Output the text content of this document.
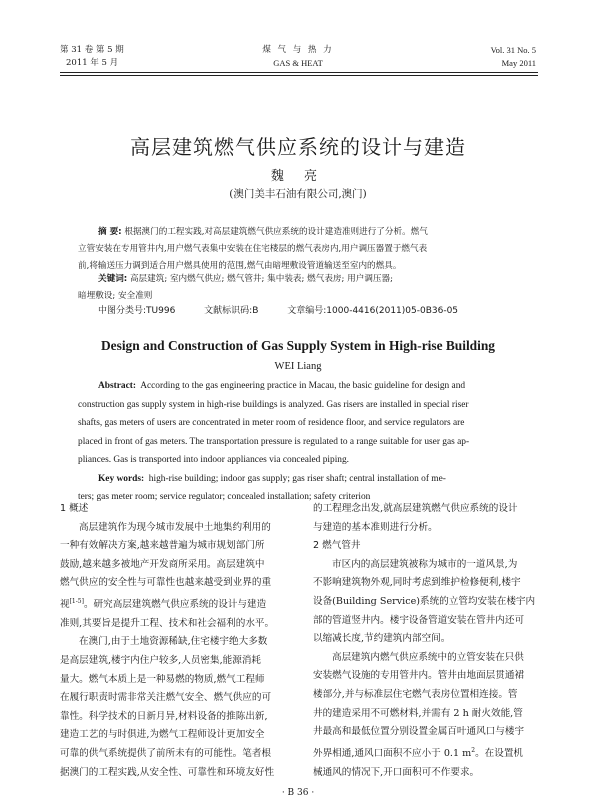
第 31 卷 第 5 期
2011 年 5 月
煤 气 与 热 力
GAS & HEAT
Vol. 31 No. 5
May 2011
高层建筑燃气供应系统的设计与建造
魏 亮
(澳门美丰石油有限公司,澳门)
摘 要: 根据澳门的工程实践,对高层建筑燃气供应系统的设计建造准则进行了分析。燃气
立管安装在专用管井内,用户燃气表集中安装在住宅楼层的燃气表房内,用户调压器置于燃气表
前,将输送压力调到适合用户燃具使用的范围,燃气由暗埋敷设管道输送至室内的燃具。
关键词: 高层建筑; 室内燃气供应; 燃气管井; 集中装表; 燃气表房; 用户调压器;
暗埋敷设; 安全准则
中图分类号:TU996	文献标识码:B	文章编号:1000-4416(2011)05-0B36-05
Design and Construction of Gas Supply System in High-rise Building
WEI Liang
Abstract: According to the gas engineering practice in Macau, the basic guideline for design and
construction gas supply system in high-rise buildings is analyzed. Gas risers are installed in special riser
shafts, gas meters of users are concentrated in meter room of residence floor, and service regulators are
placed in front of gas meters. The transportation pressure is regulated to a range suitable for user gas ap-
pliances. Gas is transported into indoor appliances via concealed piping.
Key words: high-rise building; indoor gas supply; gas riser shaft; central installation of me-
ters; gas meter room; service regulator; concealed installation; safety criterion
1 概述
高层建筑作为现今城市发展中土地集约利用的
一种有效解决方案,越来越普遍为城市规划部门所
鼓励,越来越多被地产开发商所采用。高层建筑中
燃气供应的安全性与可靠性也越来越受到业界的重
视[1-5]。研究高层建筑燃气供应系统的设计与建造
准则,其要旨是提升工程、技术和社会福利的水平。
在澳门,由于土地资源稀缺,住宅楼宇绝大多数
是高层建筑,楼宇内住户较多,人员密集,能源消耗
量大。燃气本质上是一种易燃的物质,燃气工程师
在履行职责时需非常关注燃气安全、燃气供应的可
靠性。科学技术的日新月异,材料设备的推陈出新,
建造工艺的与时俱进,为燃气工程师设计更加安全
可靠的供气系统提供了前所未有的可能性。笔者根
据澳门的工程实践,从安全性、可靠性和环境友好性
的工程理念出发,就高层建筑燃气供应系统的设计
与建造的基本准则进行分析。
2 燃气管井
市区内的高层建筑被称为城市的一道风景,为
不影响建筑物外观,同时考虑到维护检修便利,楼宇
设备(Building Service)系统的立管均安装在楼宇内
部的管道竖井内。楼宇设备管道安装在管井内还可
以缩减长度,节约建筑内部空间。
高层建筑内燃气供应系统中的立管安装在只供
安装燃气设施的专用管井内。管井由地面层贯通裙
楼部分,并与标准层住宅燃气表房位置相连接。管
井的建造采用不可燃材料,并需有 2 h 耐火效能,管
井最高和最低位置分别设置金属百叶通风口与楼宇
外界相通,通风口面积不应小于 0.1 $m^2$。在设置机
械通风的情况下,开口面积可不作要求。
· B 36 ·
